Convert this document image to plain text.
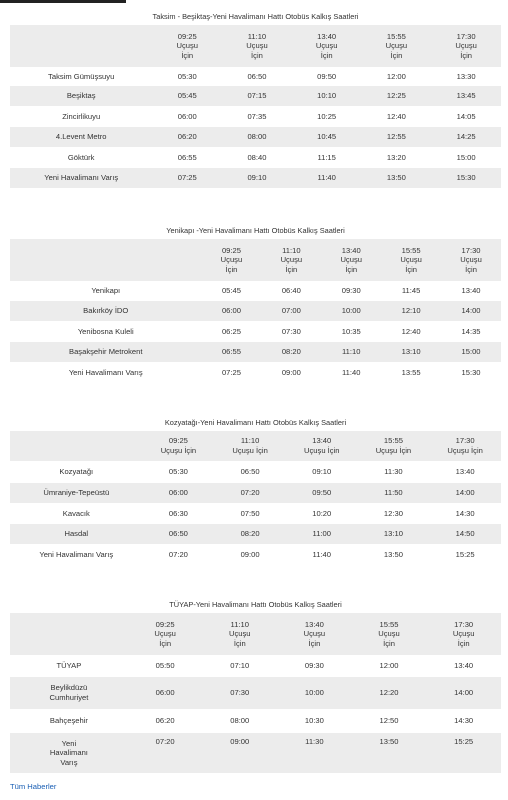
Taksim - Beşiktaş-Yeni Havalimanı Hattı Otobüs Kalkış Saatleri
	09:25
Uçuşu
İçin	11:10
Uçuşu
İçin	13:40
Uçuşu
İçin	15:55
Uçuşu
İçin	17:30
Uçuşu
İçin
Taksim Gümüşsuyu	05:30	06:50	09:50	12:00	13:30
Beşiktaş	05:45	07:15	10:10	12:25	13:45
Zincirlikuyu	06:00	07:35	10:25	12:40	14:05
4.Levent Metro	06:20	08:00	10:45	12:55	14:25
Göktürk	06:55	08:40	11:15	13:20	15:00
Yeni Havalimanı Varış	07:25	09:10	11:40	13:50	15:30
Yenikapı -Yeni Havalimanı Hattı Otobüs Kalkış Saatleri
	09:25
Uçuşu
İçin	11:10
Uçuşu
İçin	13:40
Uçuşu
İçin	15:55
Uçuşu
İçin	17:30
Uçuşu
İçin
Yenikapı	05:45	06:40	09:30	11:45	13:40
Bakırköy İDO	06:00	07:00	10:00	12:10	14:00
Yenibosna Kuleli	06:25	07:30	10:35	12:40	14:35
Başakşehir Metrokent	06:55	08:20	11:10	13:10	15:00
Yeni Havalimanı Varış	07:25	09:00	11:40	13:55	15:30
Kozyatağı-Yeni Havalimanı Hattı Otobüs Kalkış Saatleri
	09:25
Uçuşu İçin	11:10
Uçuşu İçin	13:40
Uçuşu İçin	15:55
Uçuşu İçin	17:30
Uçuşu İçin
Kozyatağı	05:30	06:50	09:10	11:30	13:40
Ümraniye-Tepeüstü	06:00	07:20	09:50	11:50	14:00
Kavacık	06:30	07:50	10:20	12:30	14:30
Hasdal	06:50	08:20	11:00	13:10	14:50
Yeni Havalimanı Varış	07:20	09:00	11:40	13:50	15:25
TÜYAP-Yeni Havalimanı Hattı Otobüs Kalkış Saatleri
	09:25
Uçuşu
İçin	11:10
Uçuşu
İçin	13:40
Uçuşu
İçin	15:55
Uçuşu
İçin	17:30
Uçuşu
İçin
TÜYAP	05:50	07:10	09:30	12:00	13:40
Beylikdüzü
Cumhuriyet	06:00	07:30	10:00	12:20	14:00
Bahçeşehir	06:20	08:00	10:30	12:50	14:30
Yeni
Havalimanı
Varış	07:20	09:00	11:30	13:50	15:25
Tüm Haberler
